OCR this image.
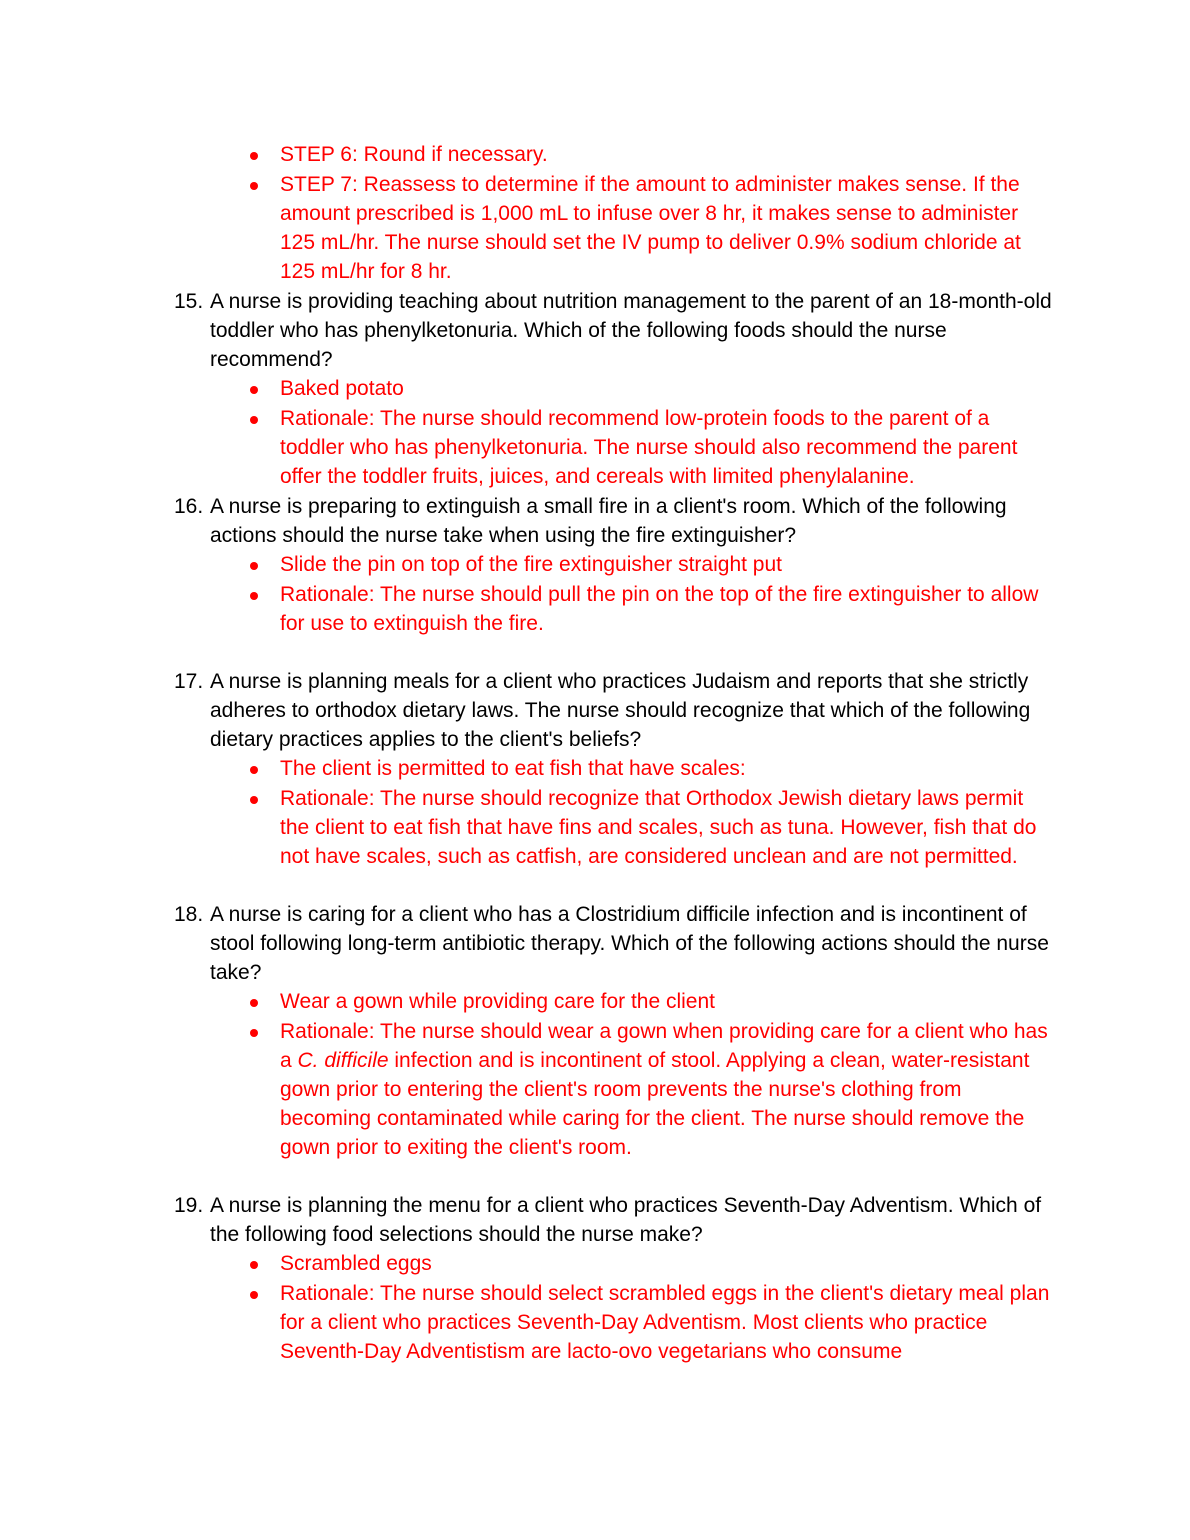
STEP 6: Round if necessary.
STEP 7: Reassess to determine if the amount to administer makes sense. If the amount prescribed is 1,000 mL to infuse over 8 hr, it makes sense to administer 125 mL/hr. The nurse should set the IV pump to deliver 0.9% sodium chloride at 125 mL/hr for 8 hr.
15. A nurse is providing teaching about nutrition management to the parent of an 18-month-old toddler who has phenylketonuria. Which of the following foods should the nurse recommend?
Baked potato
Rationale: The nurse should recommend low-protein foods to the parent of a toddler who has phenylketonuria. The nurse should also recommend the parent offer the toddler fruits, juices, and cereals with limited phenylalanine.
16. A nurse is preparing to extinguish a small fire in a client's room. Which of the following actions should the nurse take when using the fire extinguisher?
Slide the pin on top of the fire extinguisher straight put
Rationale: The nurse should pull the pin on the top of the fire extinguisher to allow for use to extinguish the fire.
17. A nurse is planning meals for a client who practices Judaism and reports that she strictly adheres to orthodox dietary laws. The nurse should recognize that which of the following dietary practices applies to the client's beliefs?
The client is permitted to eat fish that have scales:
Rationale: The nurse should recognize that Orthodox Jewish dietary laws permit the client to eat fish that have fins and scales, such as tuna. However, fish that do not have scales, such as catfish, are considered unclean and are not permitted.
18. A nurse is caring for a client who has a Clostridium difficile infection and is incontinent of stool following long-term antibiotic therapy. Which of the following actions should the nurse take?
Wear a gown while providing care for the client
Rationale: The nurse should wear a gown when providing care for a client who has a C. difficile infection and is incontinent of stool. Applying a clean, water-resistant gown prior to entering the client's room prevents the nurse's clothing from becoming contaminated while caring for the client. The nurse should remove the gown prior to exiting the client's room.
19. A nurse is planning the menu for a client who practices Seventh-Day Adventism. Which of the following food selections should the nurse make?
Scrambled eggs
Rationale: The nurse should select scrambled eggs in the client's dietary meal plan for a client who practices Seventh-Day Adventism. Most clients who practice Seventh-Day Adventistism are lacto-ovo vegetarians who consume
